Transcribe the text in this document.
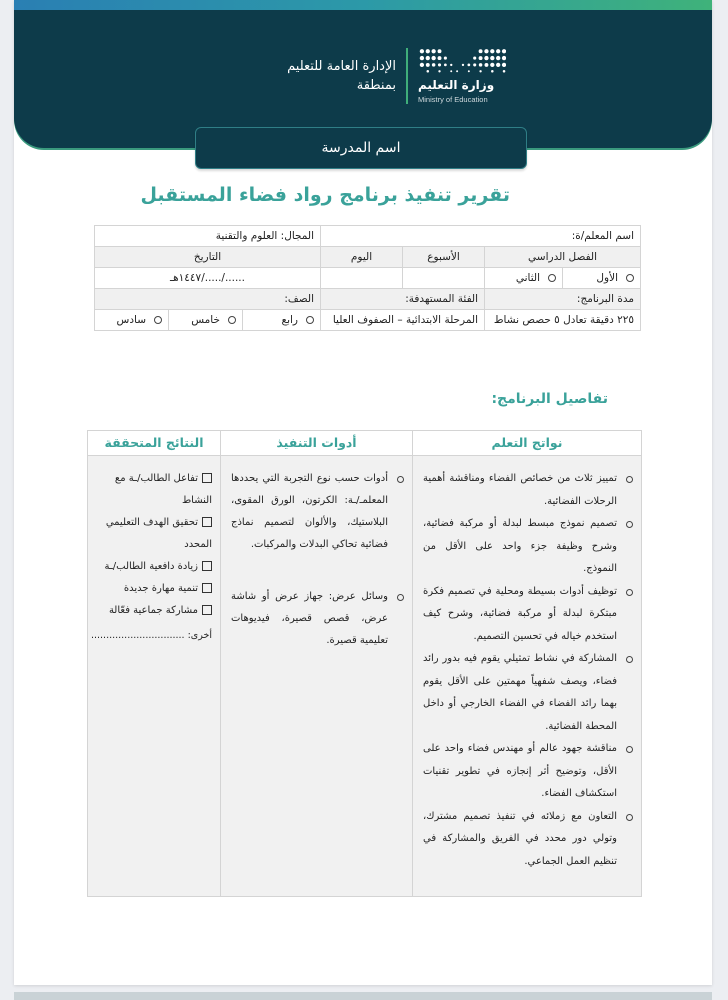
الإدارة العامة للتعليم
بمنطقة وزارة التعليم
Ministry of Education
اسم المدرسة
تقرير تنفيذ برنامج رواد فضاء المستقبل
اسم المعلم/ة:				المجال: العلوم والتقنية		
الفصل الدراسي		الأسبوع	اليوم	التاريخ		
الأول	الثاني			....../...../١٤٤٧هـ		
مدة البرنامج:		الفئة المستهدفة:		الصف:		
٢٢٥ دقيقة تعادل ٥ حصص نشاط		المرحلة الابتدائية – الصفوف العليا		رابع	خامس	سادس
تفاصيل البرنامج:
نواتج التعلم
تمييز ثلاث من خصائص الفضاء ومناقشة أهمية الرحلات الفضائية.
تصميم نموذج مبسط لبدلة أو مركبة فضائية، وشرح وظيفة جزء واحد على الأقل من النموذج.
توظيف أدوات بسيطة ومحلية في تصميم فكرة مبتكرة لبدلة أو مركبة فضائية، وشرح كيف استخدم خياله في تحسين التصميم.
المشاركة في نشاط تمثيلي يقوم فيه بدور رائد فضاء، ويصف شفهياً مهمتين على الأقل يقوم بهما رائد الفضاء في الفضاء الخارجي أو داخل المحطة الفضائية.
مناقشة جهود عالم أو مهندس فضاء واحد على الأقل، وتوضيح أثر إنجازه في تطوير تقنيات استكشاف الفضاء.
التعاون مع زملائه في تنفيذ تصميم مشترك، وتولي دور محدد في الفريق والمشاركة في تنظيم العمل الجماعي.
أدوات التنفيذ
أدوات حسب نوع التجربة التي يحددها المعلمـ/ـة: الكرتون، الورق المقوى، البلاستيك، والألوان لتصميم نماذج فضائية تحاكي البدلات والمركبات.
وسائل عرض: جهاز عرض أو شاشة عرض، قصص قصيرة، فيديوهات تعليمية قصيرة.
النتائج المتحققة
تفاعل الطالب/ـة مع النشاط
تحقيق الهدف التعليمي المحدد
زيادة دافعية الطالب/ـة
تنمية مهارة جديدة
مشاركة جماعية فعّالة
أخرى: ...............................
